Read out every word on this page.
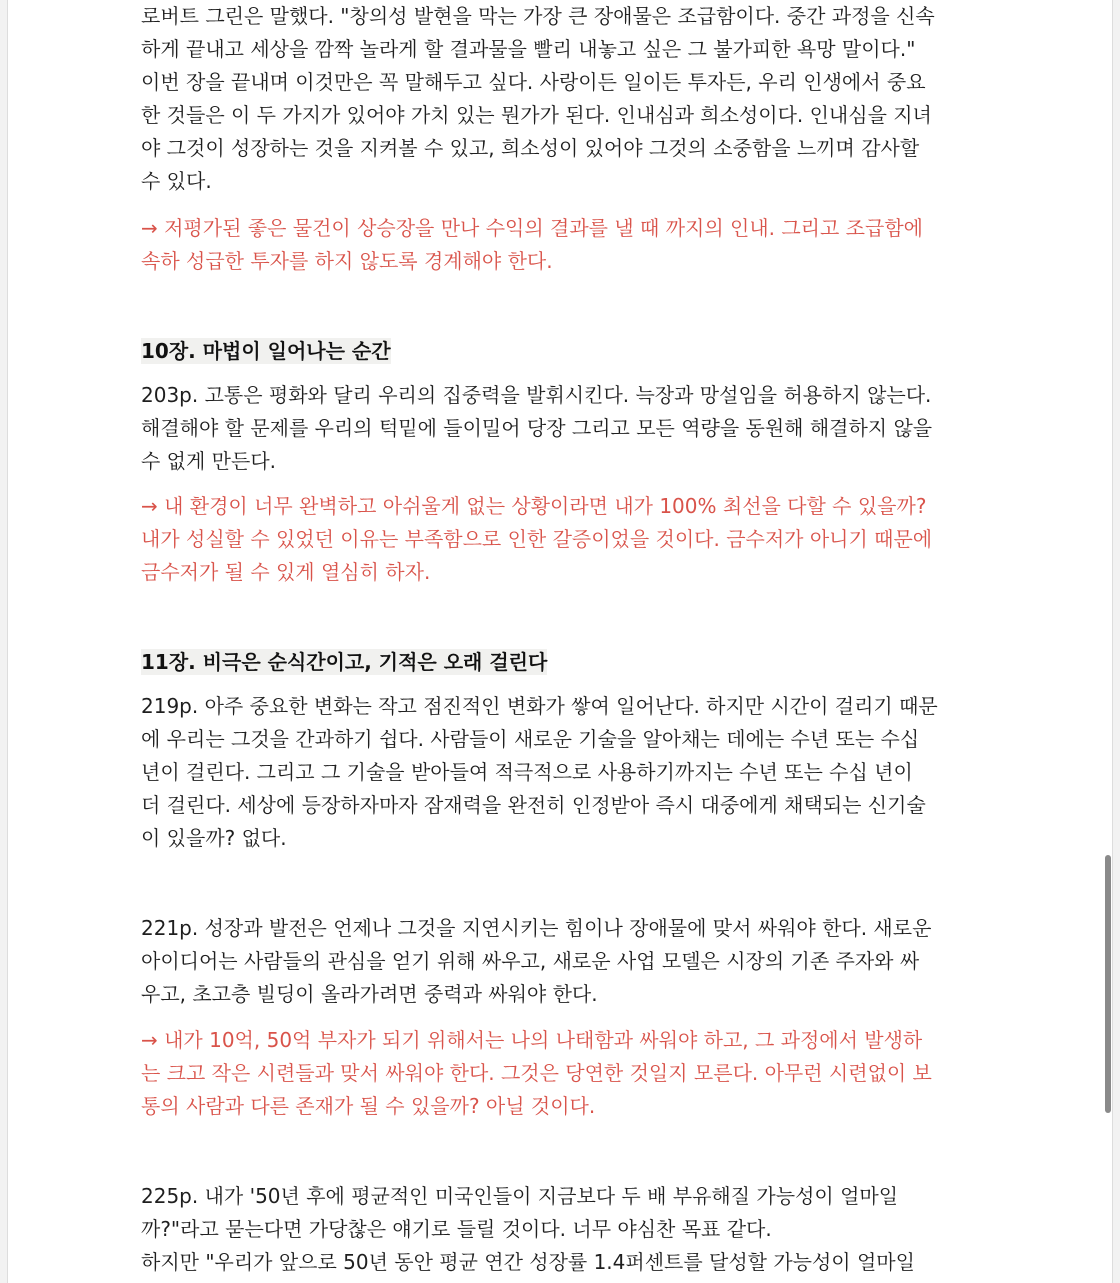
로버트 그린은 말했다. "창의성 발현을 막는 가장 큰 장애물은 조급함이다. 중간 과정을 신속
하게 끝내고 세상을 깜짝 놀라게 할 결과물을 빨리 내놓고 싶은 그 불가피한 욕망 말이다."
이번 장을 끝내며 이것만은 꼭 말해두고 싶다. 사랑이든 일이든 투자든, 우리 인생에서 중요
한 것들은 이 두 가지가 있어야 가치 있는 뭔가가 된다. 인내심과 희소성이다. 인내심을 지녀
야 그것이 성장하는 것을 지켜볼 수 있고, 희소성이 있어야 그것의 소중함을 느끼며 감사할
수 있다.
→ 저평가된 좋은 물건이 상승장을 만나 수익의 결과를 낼 때 까지의 인내. 그리고 조급함에
속하 성급한 투자를 하지 않도록 경계해야 한다.
10장. 마법이 일어나는 순간
203p. 고통은 평화와 달리 우리의 집중력을 발휘시킨다. 늑장과 망설임을 허용하지 않는다.
해결해야 할 문제를 우리의 턱밑에 들이밀어 당장 그리고 모든 역량을 동원해 해결하지 않을
수 없게 만든다.
→ 내 환경이 너무 완벽하고 아쉬울게 없는 상황이라면 내가 100% 최선을 다할 수 있을까?
내가 성실할 수 있었던 이유는 부족함으로 인한 갈증이었을 것이다. 금수저가 아니기 때문에
금수저가 될 수 있게 열심히 하자.
11장. 비극은 순식간이고, 기적은 오래 걸린다
219p. 아주 중요한 변화는 작고 점진적인 변화가 쌓여 일어난다. 하지만 시간이 걸리기 때문
에 우리는 그것을 간과하기 쉽다. 사람들이 새로운 기술을 알아채는 데에는 수년 또는 수십
년이 걸린다. 그리고 그 기술을 받아들여 적극적으로 사용하기까지는 수년 또는 수십 년이
더 걸린다. 세상에 등장하자마자 잠재력을 완전히 인정받아 즉시 대중에게 채택되는 신기술
이 있을까? 없다.
221p. 성장과 발전은 언제나 그것을 지연시키는 힘이나 장애물에 맞서 싸워야 한다. 새로운
아이디어는 사람들의 관심을 얻기 위해 싸우고, 새로운 사업 모델은 시장의 기존 주자와 싸
우고, 초고층 빌딩이 올라가려면 중력과 싸워야 한다.
→ 내가 10억, 50억 부자가 되기 위해서는 나의 나태함과 싸워야 하고, 그 과정에서 발생하
는 크고 작은 시련들과 맞서 싸워야 한다. 그것은 당연한 것일지 모른다. 아무런 시련없이 보
통의 사람과 다른 존재가 될 수 있을까? 아닐 것이다.
225p. 내가 '50년 후에 평균적인 미국인들이 지금보다 두 배 부유해질 가능성이 얼마일
까?"라고 묻는다면 가당찮은 얘기로 들릴 것이다. 너무 야심찬 목표 같다.
하지만 "우리가 앞으로 50년 동안 평균 연간 성장률 1.4퍼센트를 달성할 가능성이 얼마일
